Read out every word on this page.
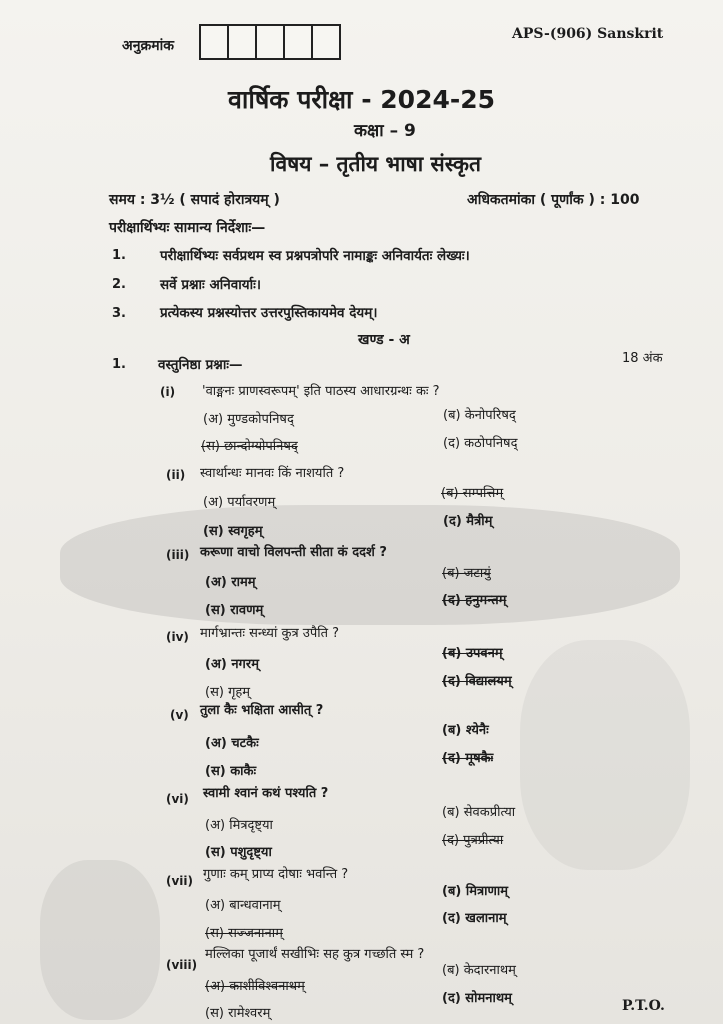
अनुक्रमांक
APS-(906) Sanskrit
वार्षिक परीक्षा - 2024-25
कक्षा – 9
विषय – तृतीय भाषा संस्कृत
समय : 3½ ( सपादं होरात्रयम् )	अधिकतमांका ( पूर्णांक ) : 100
परीक्षार्थिभ्यः सामान्य निर्देशाः—
1.	परीक्षार्थिभ्यः सर्वप्रथम स्व प्रश्नपत्रोपरि नामाङ्कः अनिवार्यतः लेख्यः।
2.	सर्वे प्रश्नाः अनिवार्याः।
3.	प्रत्येकस्य प्रश्नस्योत्तर उत्तरपुस्तिकायमेव देयम्।
खण्ड - अ
1. वस्तुनिष्ठा प्रश्नाः—	18 अंक
(i) 'वाङ्मनः प्राणस्वरूपम्' इति पाठस्य आधारग्रन्थः कः ?
(अ) मुण्डकोपनिषद्	(ब) केनोपरिषद्
(स) छान्दोग्योपनिषद्	(द) कठोपनिषद्
(ii) स्वार्थान्धः मानवः किं नाशयति ?
(अ) पर्यावरणम्
(ब) सम्पत्तिम्
(स) स्वगृहम्
(द) मैत्रीम्
(iii) करूणा वाचो विलपन्ती सीता कं ददर्श ?
(अ) रामम्
(ब) जटायुं
(स) रावणम्
(द) हनुमन्तम्
(iv) मार्गभ्रान्तः सन्ध्यां कुत्र उपैति ?
(अ) नगरम्
(ब) उपवनम्
(स) गृहम्
(द) विद्यालयम्
(v) तुला कैः भक्षिता आसीत् ?
(अ) चटकैः
(ब) श्येनैः
(स) काकैः
(द) मूषकैः
(vi) स्वामी श्वानं कथं पश्यति ?
(अ) मित्रदृष्ट्या
(ब) सेवकप्रीत्या
(स) पशुदृष्ट्या
(द) पुत्रप्रीत्या
(vii) गुणाः कम् प्राप्य दोषाः भवन्ति ?
(अ) बान्धवानाम्
(ब) मित्राणाम्
(स) सज्जनानाम्
(द) खलानाम्
(viii)
मल्लिका पूजार्थं सखीभिः सह कुत्र गच्छति स्म ?
(अ) काशीविश्वनाथम्
(ब) केदारनाथम्
(स) रामेश्वरम्
(द) सोमनाथम्	P.T.O.
